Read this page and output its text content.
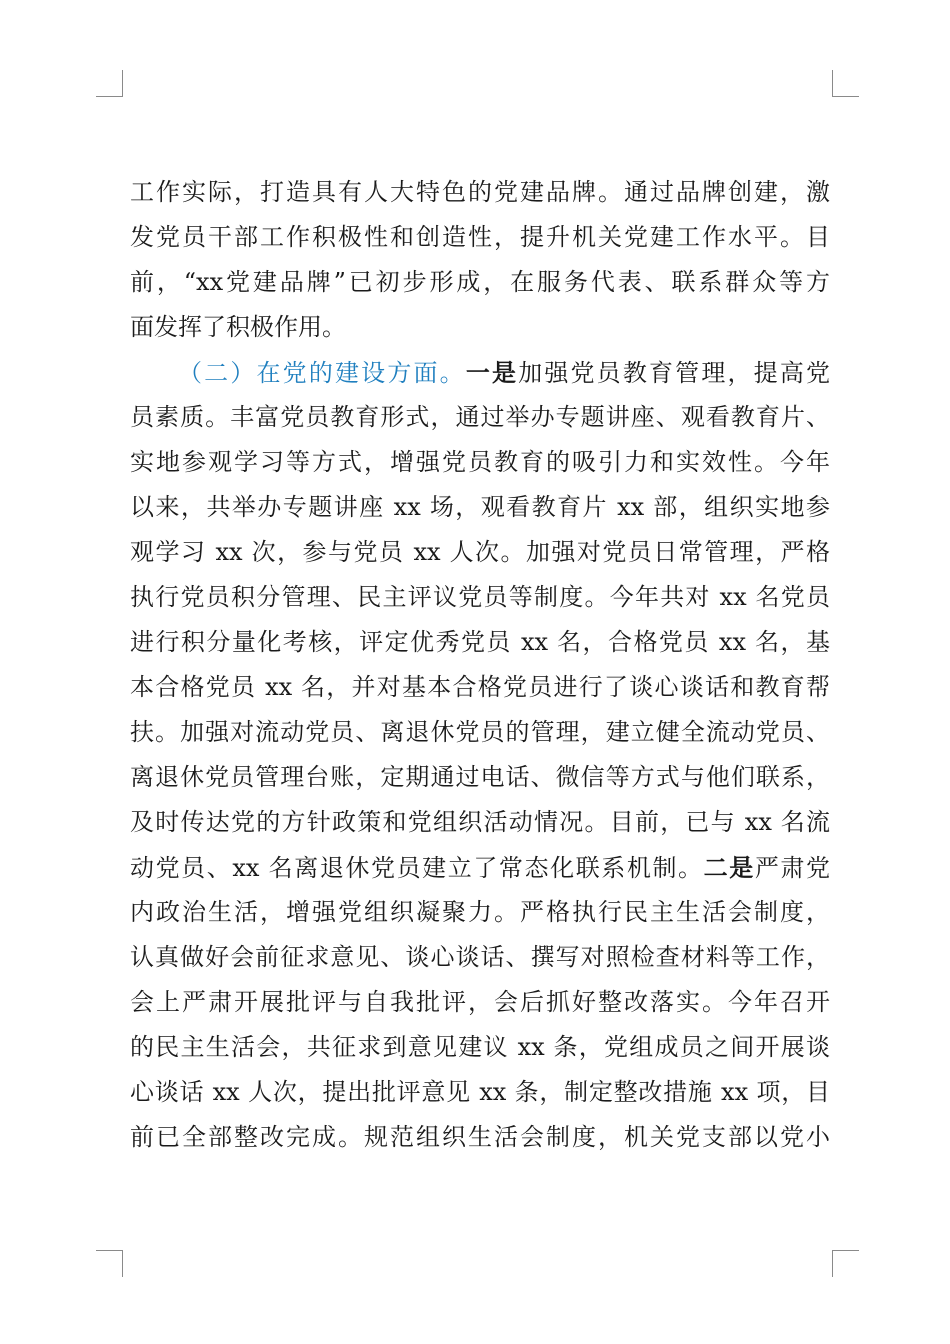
工作实际，打造具有人大特色的党建品牌。通过品牌创建，激
发党员干部工作积极性和创造性，提升机关党建工作水平。目
前，“xx党建品牌”已初步形成，在服务代表、联系群众等方
面发挥了积极作用。
（二）在党的建设方面。一是加强党员教育管理，提高党
员素质。丰富党员教育形式，通过举办专题讲座、观看教育片、
实地参观学习等方式，增强党员教育的吸引力和实效性。今年
以来，共举办专题讲座 xx 场，观看教育片 xx 部，组织实地参
观学习 xx 次，参与党员 xx 人次。加强对党员日常管理，严格
执行党员积分管理、民主评议党员等制度。今年共对 xx 名党员
进行积分量化考核，评定优秀党员 xx 名，合格党员 xx 名，基
本合格党员 xx 名，并对基本合格党员进行了谈心谈话和教育帮
扶。加强对流动党员、离退休党员的管理，建立健全流动党员、
离退休党员管理台账，定期通过电话、微信等方式与他们联系，
及时传达党的方针政策和党组织活动情况。目前，已与 xx 名流
动党员、xx 名离退休党员建立了常态化联系机制。二是严肃党
内政治生活，增强党组织凝聚力。严格执行民主生活会制度，
认真做好会前征求意见、谈心谈话、撰写对照检查材料等工作，
会上严肃开展批评与自我批评，会后抓好整改落实。今年召开
的民主生活会，共征求到意见建议 xx 条，党组成员之间开展谈
心谈话 xx 人次，提出批评意见 xx 条，制定整改措施 xx 项，目
前已全部整改完成。规范组织生活会制度，机关党支部以党小
